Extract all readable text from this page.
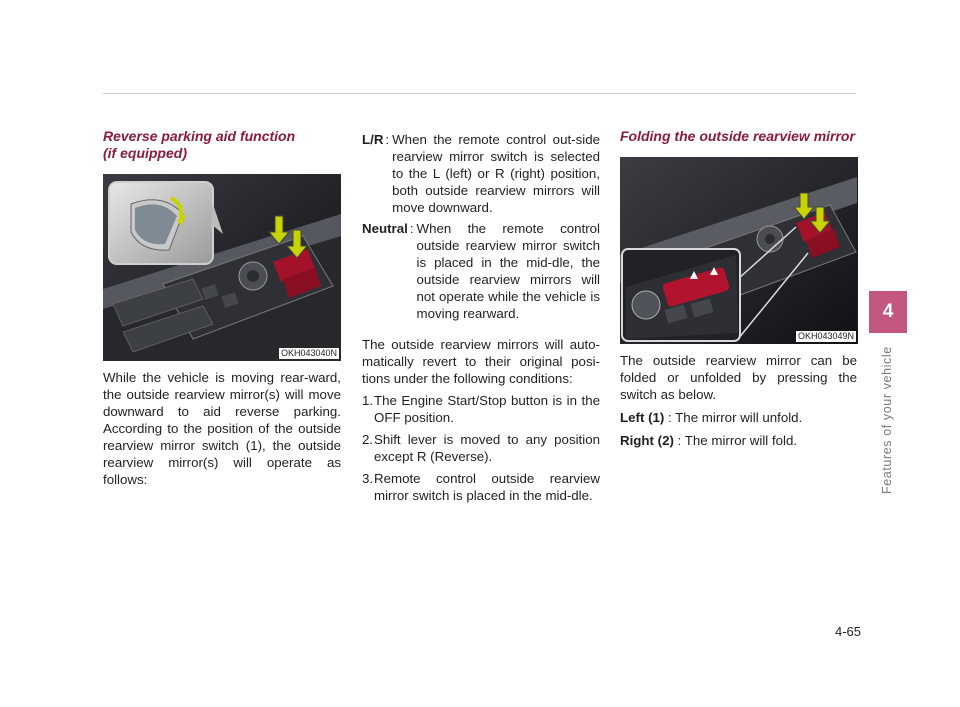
Reverse parking aid function
(if equipped)
OKH043040N

While the vehicle is moving rear-ward, the outside rearview mirror(s) will move downward to aid reverse parking. According to the position of the outside rearview mirror switch (1), the outside rearview mirror(s) will operate as follows:

L/R : When the remote control out-side rearview mirror switch is selected to the L (left) or R (right) position, both outside rearview mirrors will move downward.
Neutral : When the remote control outside rearview mirror switch is placed in the mid-dle, the outside rearview mirrors will not operate while the vehicle is moving rearward.

The outside rearview mirrors will auto-matically revert to their original posi-tions under the following conditions:

1. The Engine Start/Stop button is in the OFF position.
2. Shift lever is moved to any position except R (Reverse).
3. Remote control outside rearview mirror switch is placed in the mid-dle.
Folding the outside rearview mirror
OKH043049N

The outside rearview mirror can be folded or unfolded by pressing the switch as below.

Left (1) : The mirror will unfold.
Right (2) : The mirror will fold.
4
Features of your vehicle
4-65
